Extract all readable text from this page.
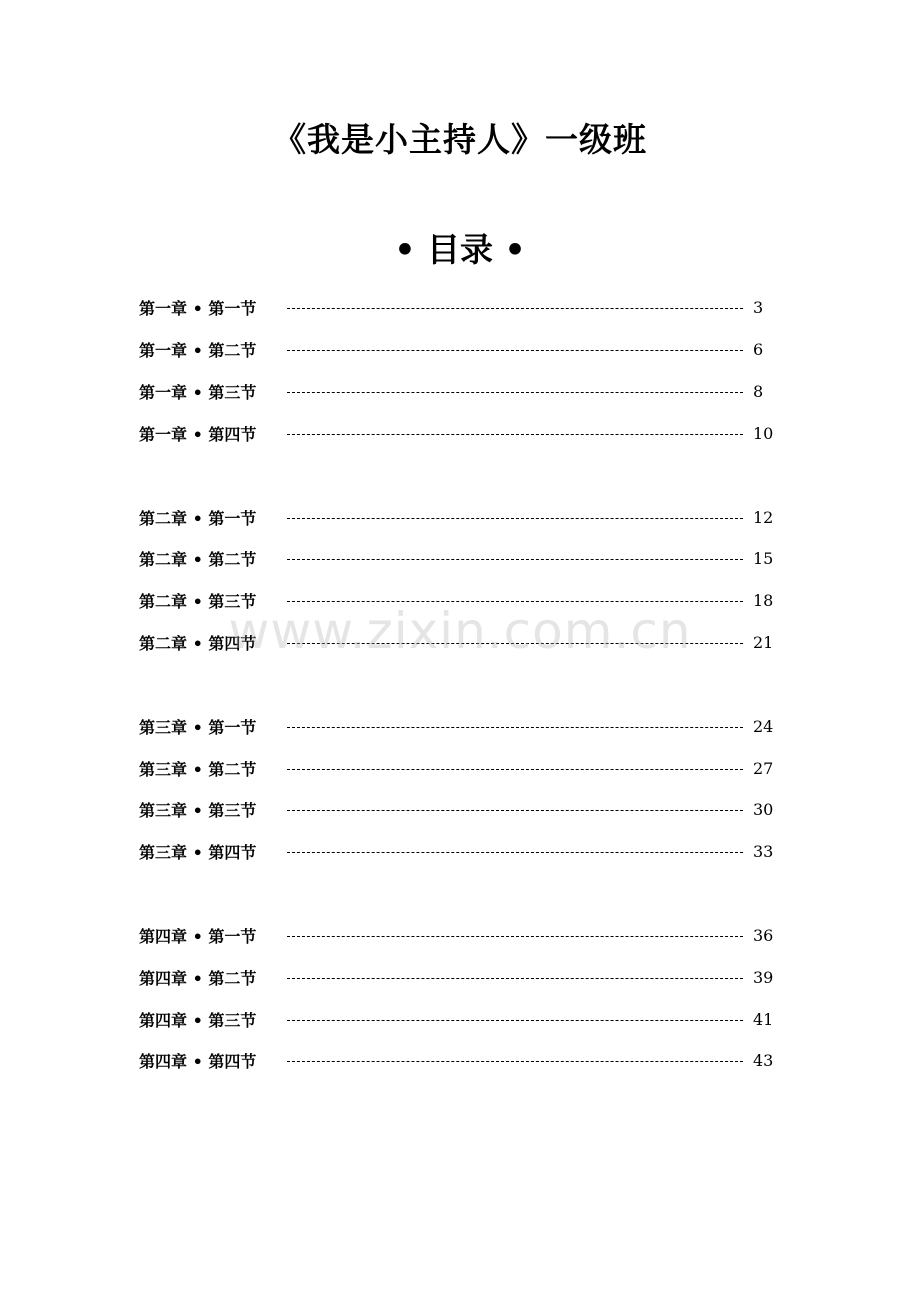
《我是小主持人》一级班
• 目录 •
第一章 • 第一节	3
第一章 • 第二节	6
第一章 • 第三节	8
第一章 • 第四节	10
第二章 • 第一节	12
第二章 • 第二节	15
第二章 • 第三节	18
第二章 • 第四节	21
第三章 • 第一节	24
第三章 • 第二节	27
第三章 • 第三节	30
第三章 • 第四节	33
第四章 • 第一节	36
第四章 • 第二节	39
第四章 • 第三节	41
第四章 • 第四节	43
www.zixin.com.cn
